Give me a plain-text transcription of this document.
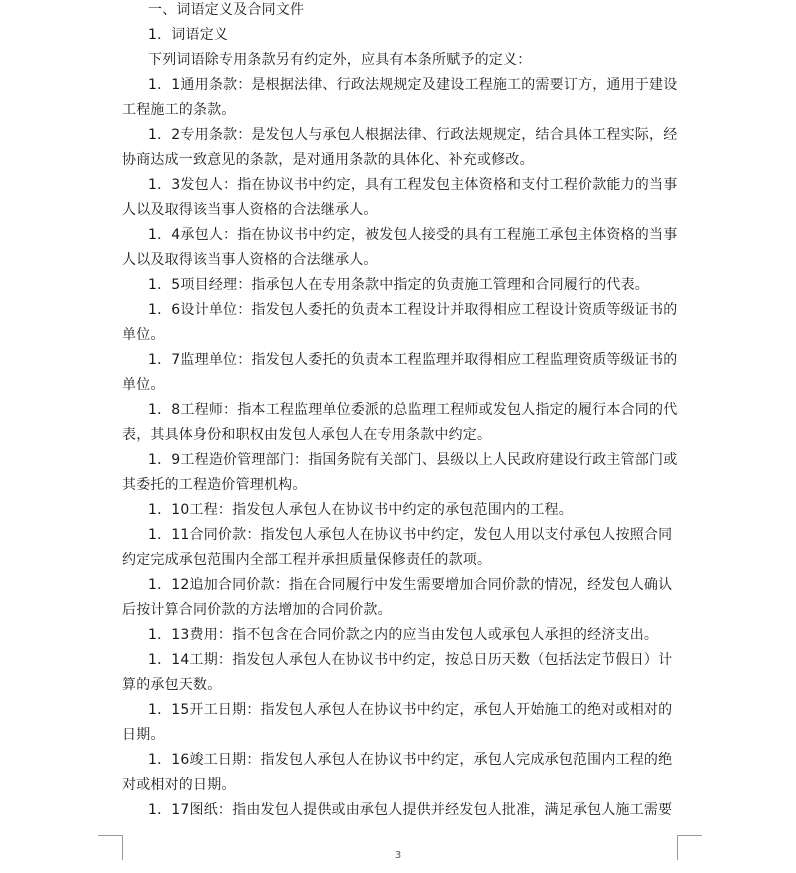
一、词语定义及合同文件
1．词语定义
下列词语除专用条款另有约定外，应具有本条所赋予的定义：
1．1通用条款：是根据法律、行政法规规定及建设工程施工的需要订方，通用于建设
工程施工的条款。
1．2专用条款：是发包人与承包人根据法律、行政法规规定，结合具体工程实际，经
协商达成一致意见的条款，是对通用条款的具体化、补充或修改。
1．3发包人：指在协议书中约定，具有工程发包主体资格和支付工程价款能力的当事
人以及取得该当事人资格的合法继承人。
1．4承包人：指在协议书中约定，被发包人接受的具有工程施工承包主体资格的当事
人以及取得该当事人资格的合法继承人。
1．5项目经理：指承包人在专用条款中指定的负责施工管理和合同履行的代表。
1．6设计单位：指发包人委托的负责本工程设计并取得相应工程设计资质等级证书的
单位。
1．7监理单位：指发包人委托的负责本工程监理并取得相应工程监理资质等级证书的
单位。
1．8工程师：指本工程监理单位委派的总监理工程师或发包人指定的履行本合同的代
表，其具体身份和职权由发包人承包人在专用条款中约定。
1．9工程造价管理部门：指国务院有关部门、县级以上人民政府建设行政主管部门或
其委托的工程造价管理机构。
1．10工程：指发包人承包人在协议书中约定的承包范围内的工程。
1．11合同价款：指发包人承包人在协议书中约定，发包人用以支付承包人按照合同
约定完成承包范围内全部工程并承担质量保修责任的款项。
1．12追加合同价款：指在合同履行中发生需要增加合同价款的情况，经发包人确认
后按计算合同价款的方法增加的合同价款。
1．13费用：指不包含在合同价款之内的应当由发包人或承包人承担的经济支出。
1．14工期：指发包人承包人在协议书中约定，按总日历天数（包括法定节假日）计
算的承包天数。
1．15开工日期：指发包人承包人在协议书中约定，承包人开始施工的绝对或相对的
日期。
1．16竣工日期：指发包人承包人在协议书中约定，承包人完成承包范围内工程的绝
对或相对的日期。
1．17图纸：指由发包人提供或由承包人提供并经发包人批准，满足承包人施工需要
3
